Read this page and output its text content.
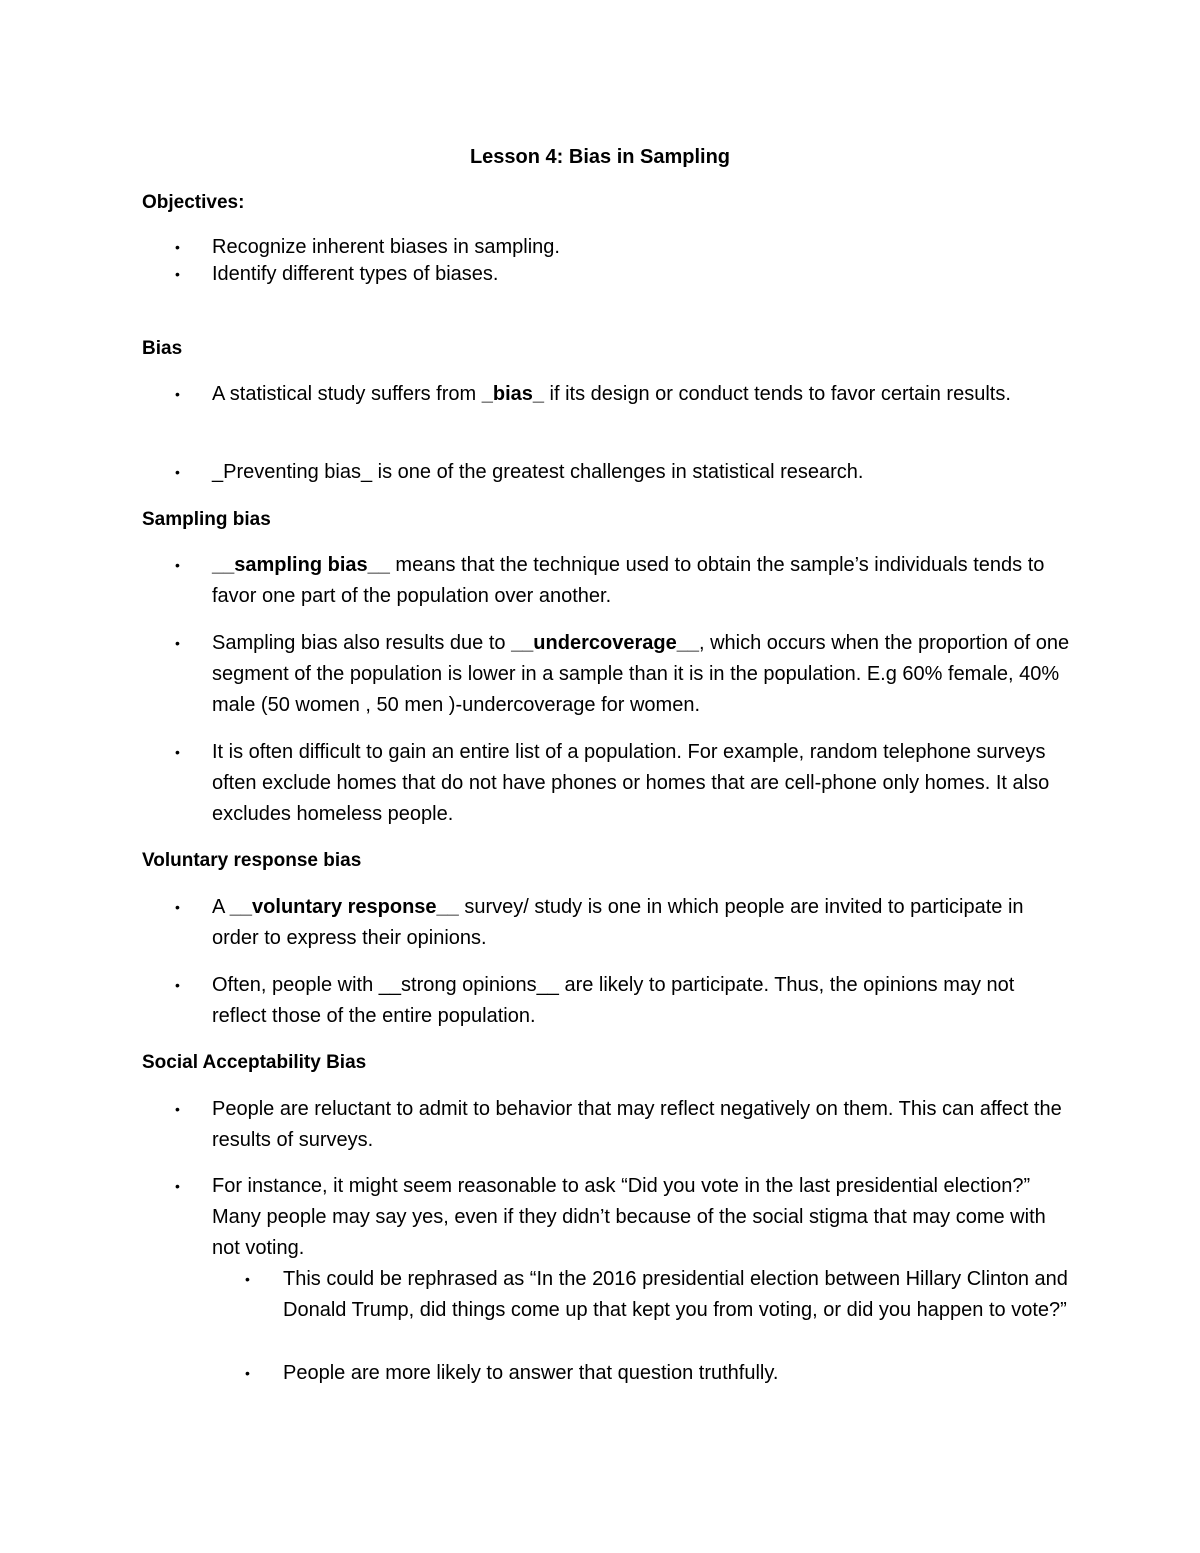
Lesson 4: Bias in Sampling
Objectives:
•	Recognize inherent biases in sampling.
•	Identify different types of biases.
Bias
•	A statistical study suffers from _bias_ if its design or conduct tends to favor certain results.
•	_Preventing bias_ is one of the greatest challenges in statistical research.
Sampling bias
•	__sampling bias__ means that the technique used to obtain the sample’s individuals tends to favor one part of the population over another.
•	Sampling bias also results due to __undercoverage__, which occurs when the proportion of one segment of the population is lower in a sample than it is in the population. E.g 60% female, 40% male (50 women , 50 men )-undercoverage for women.
•	It is often difficult to gain an entire list of a population. For example, random telephone surveys often exclude homes that do not have phones or homes that are cell-phone only homes. It also excludes homeless people.
Voluntary response bias
•	A __voluntary response__ survey/ study is one in which people are invited to participate in order to express their opinions.
•	Often, people with __strong opinions__ are likely to participate. Thus, the opinions may not reflect those of the entire population.
Social Acceptability Bias
•	People are reluctant to admit to behavior that may reflect negatively on them. This can affect the results of surveys.
•	For instance, it might seem reasonable to ask “Did you vote in the last presidential election?” Many people may say yes, even if they didn’t because of the social stigma that may come with not voting.
•	This could be rephrased as “In the 2016 presidential election between Hillary Clinton and Donald Trump, did things come up that kept you from voting, or did you happen to vote?”
•	People are more likely to answer that question truthfully.
